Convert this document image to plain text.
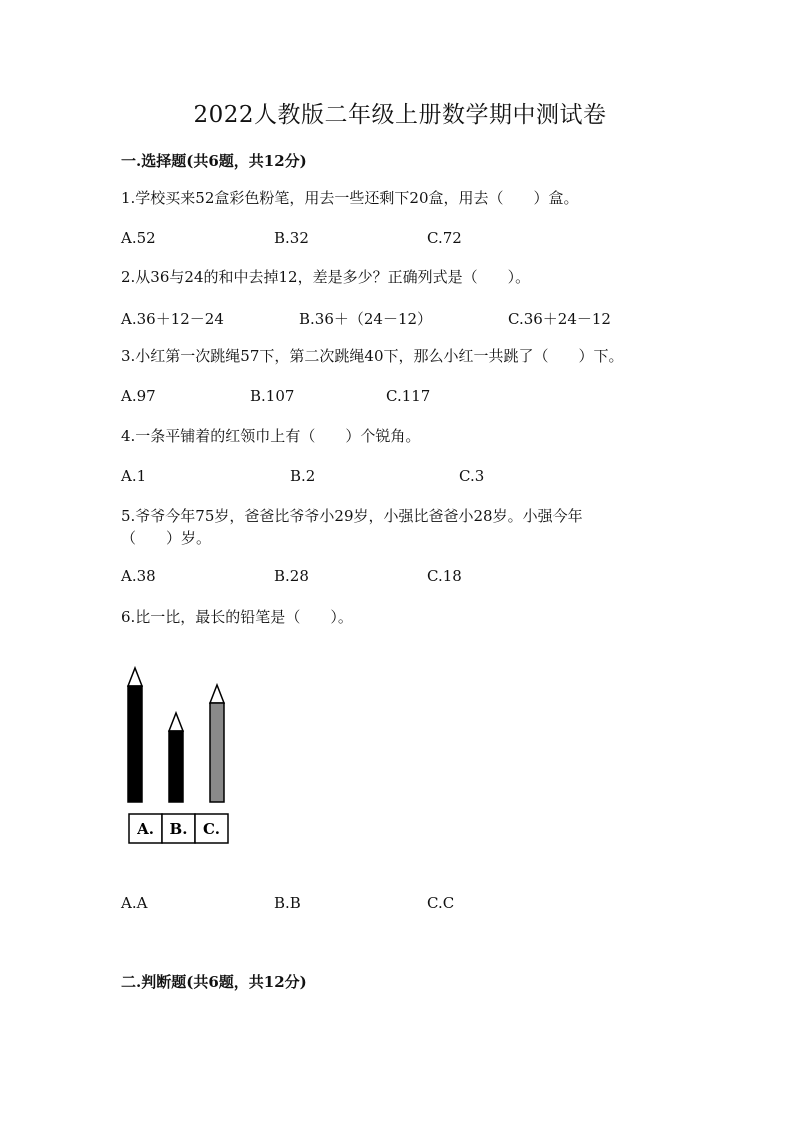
2022人教版二年级上册数学期中测试卷
一.选择题(共6题，共12分)
1.学校买来52盒彩色粉笔，用去一些还剩下20盒，用去（　　）盒。
A.52	B.32	C.72
2.从36与24的和中去掉12，差是多少？正确列式是（　　）。
A.36＋12－24	B.36＋（24－12）	C.36＋24－12
3.小红第一次跳绳57下，第二次跳绳40下，那么小红一共跳了（　　）下。
A.97	B.107	C.117
4.一条平铺着的红领巾上有（　　）个锐角。
A.1	B.2	C.3
5.爷爷今年75岁，爸爸比爷爷小29岁，小强比爸爸小28岁。小强今年
（　　）岁。
A.38	B.28	C.18
6.比一比，最长的铅笔是（　　）。
A. B. C.
A.A	B.B	C.C
二.判断题(共6题，共12分)
